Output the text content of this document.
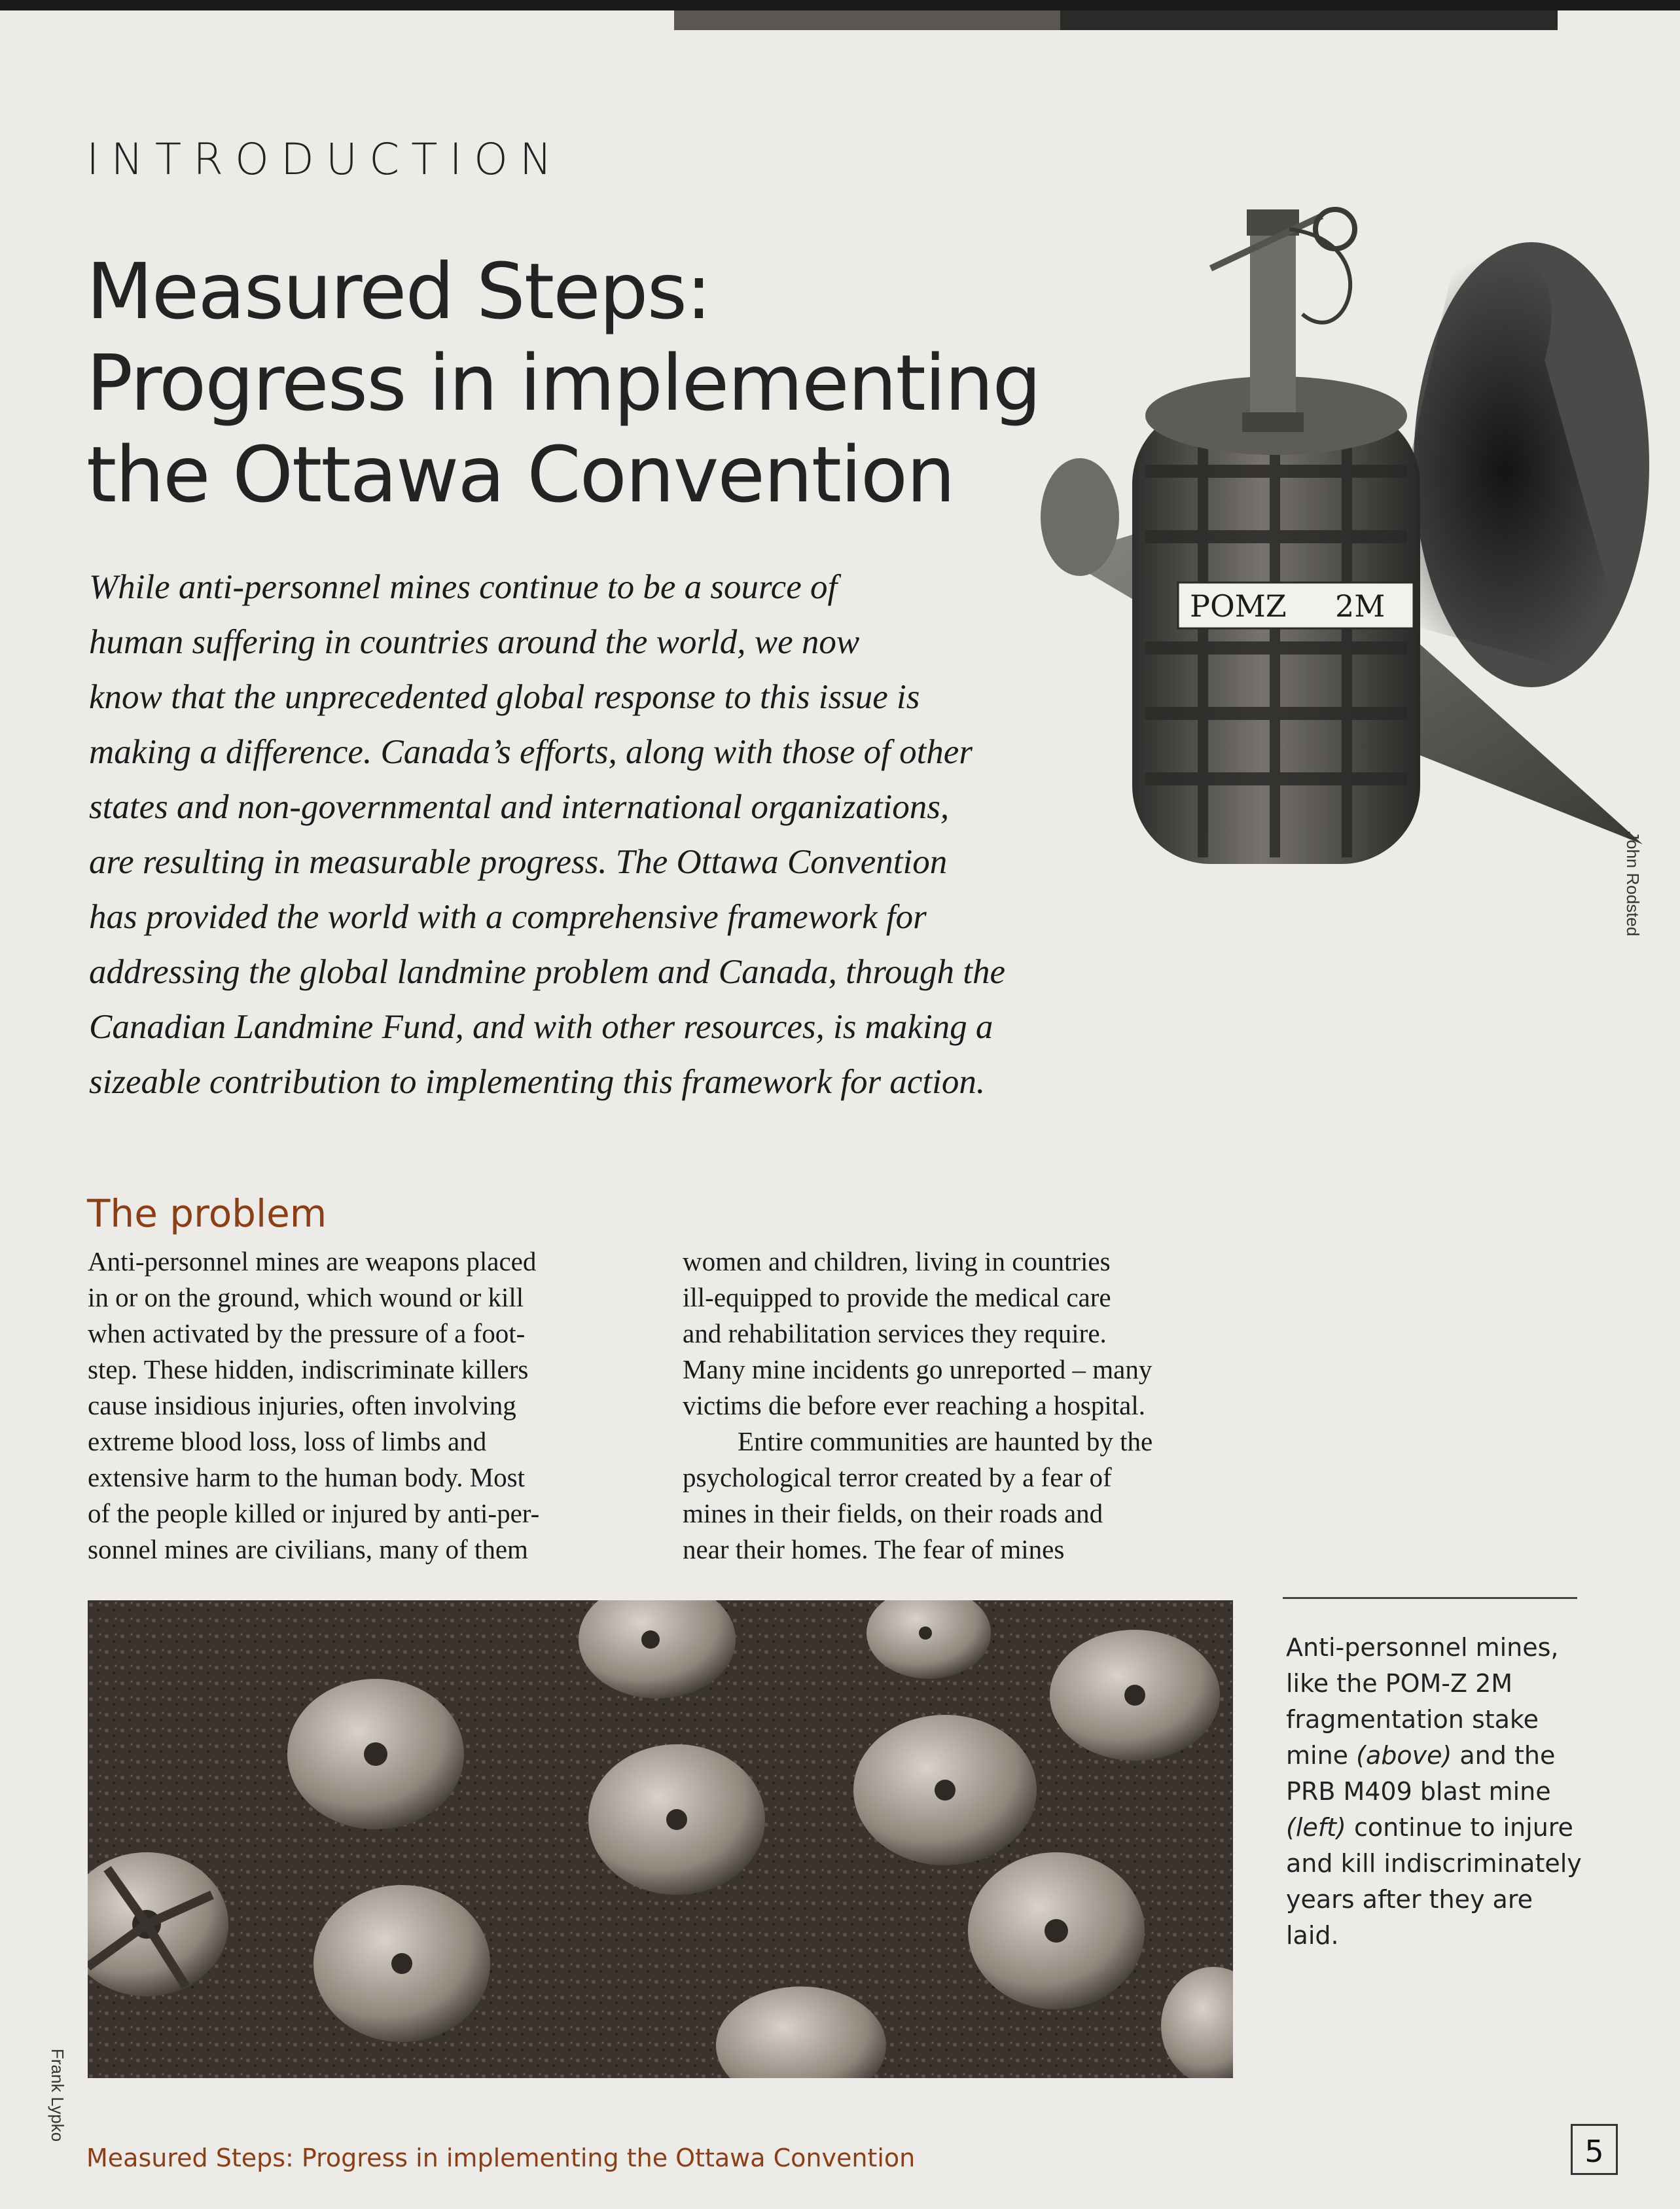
INTRODUCTION
Measured Steps:
Progress in implementing
the Ottawa Convention

While anti-personnel mines continue to be a source of
human suffering in countries around the world, we now
know that the unprecedented global response to this issue is
making a difference. Canada’s efforts, along with those of other
states and non-governmental and international organizations,
are resulting in measurable progress. The Ottawa Convention
has provided the world with a comprehensive framework for
addressing the global landmine problem and Canada, through the
Canadian Landmine Fund, and with other resources, is making a
sizeable contribution to implementing this framework for action.

POMZ 2M
John Rodsted
The problem

Anti-personnel mines are weapons placed
in or on the ground, which wound or kill
when activated by the pressure of a foot-
step. These hidden, indiscriminate killers
cause insidious injuries, often involving
extreme blood loss, loss of limbs and
extensive harm to the human body. Most
of the people killed or injured by anti-per-
sonnel mines are civilians, many of them

women and children, living in countries
ill-equipped to provide the medical care
and rehabilitation services they require.
Many mine incidents go unreported – many
victims die before ever reaching a hospital.

Entire communities are haunted by the
psychological terror created by a fear of
mines in their fields, on their roads and
near their homes. The fear of mines

Frank Lypko

Anti-personnel mines,
like the POM-Z 2M
fragmentation stake
mine (above) and the
PRB M409 blast mine
(left) continue to injure
and kill indiscriminately
years after they are laid.

Measured Steps: Progress in implementing the Ottawa Convention	5
